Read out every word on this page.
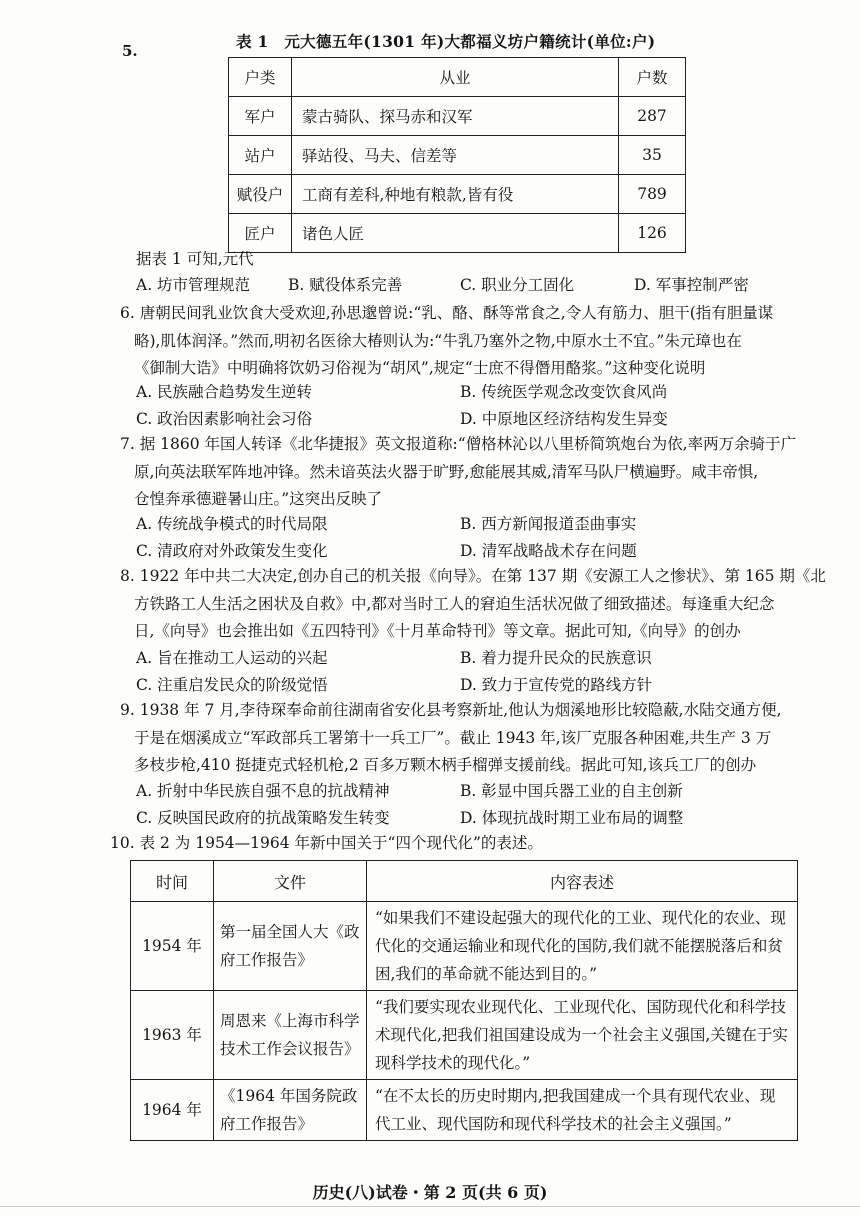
5.	表 1　元大德五年(1301 年)大都福义坊户籍统计(单位:户)
户类	从业	户数
军户	蒙古骑队、探马赤和汉军	287
站户	驿站役、马夫、信差等	35
赋役户	工商有差科,种地有粮款,皆有役	789
匠户	诸色人匠	126
据表 1 可知,元代
A. 坊市管理规范 B. 赋役体系完善	C. 职业分工固化	D. 军事控制严密
6. 唐朝民间乳业饮食大受欢迎,孙思邈曾说:“乳、酪、酥等常食之,令人有筋力、胆干(指有胆量谋
略),肌体润泽。”然而,明初名医徐大椿则认为:“牛乳乃塞外之物,中原水土不宜。”朱元璋也在
《御制大诰》中明确将饮奶习俗视为“胡风”,规定“士庶不得僭用酪浆。”这种变化说明
A. 民族融合趋势发生逆转	B. 传统医学观念改变饮食风尚
C. 政治因素影响社会习俗	D. 中原地区经济结构发生异变
7. 据 1860 年国人转译《北华捷报》英文报道称:“僧格林沁以八里桥简筑炮台为依,率两万余骑于广
原,向英法联军阵地冲锋。然未谙英法火器于旷野,愈能展其威,清军马队尸横遍野。咸丰帝惧,
仓惶奔承德避暑山庄。”这突出反映了
A. 传统战争模式的时代局限	B. 西方新闻报道歪曲事实
C. 清政府对外政策发生变化	D. 清军战略战术存在问题
8. 1922 年中共二大决定,创办自己的机关报《向导》。在第 137 期《安源工人之惨状》、第 165 期《北
方铁路工人生活之困状及自救》中,都对当时工人的窘迫生活状况做了细致描述。每逢重大纪念
日,《向导》也会推出如《五四特刊》《十月革命特刊》等文章。据此可知,《向导》的创办
A. 旨在推动工人运动的兴起	B. 着力提升民众的民族意识
C. 注重启发民众的阶级觉悟	D. 致力于宣传党的路线方针
9. 1938 年 7 月,李待琛奉命前往湖南省安化县考察新址,他认为烟溪地形比较隐蔽,水陆交通方便,
于是在烟溪成立“军政部兵工署第十一兵工厂”。截止 1943 年,该厂克服各种困难,共生产 3 万
多枝步枪,410 挺捷克式轻机枪,2 百多万颗木柄手榴弹支援前线。据此可知,该兵工厂的创办
A. 折射中华民族自强不息的抗战精神	B. 彰显中国兵器工业的自主创新
C. 反映国民政府的抗战策略发生转变	D. 体现抗战时期工业布局的调整
10. 表 2 为 1954—1964 年新中国关于“四个现代化”的表述。
时间	文件	内容表述
1954 年	第一届全国人大《政府工作报告》	“如果我们不建设起强大的现代化的工业、现代化的农业、现代化的交通运输业和现代化的国防,我们就不能摆脱落后和贫困,我们的革命就不能达到目的。”
1963 年	周恩来《上海市科学技术工作会议报告》	“我们要实现农业现代化、工业现代化、国防现代化和科学技术现代化,把我们祖国建设成为一个社会主义强国,关键在于实现科学技术的现代化。”
1964 年	《1964 年国务院政府工作报告》	“在不太长的历史时期内,把我国建成一个具有现代农业、现代工业、现代国防和现代科学技术的社会主义强国。”
历史(八)试卷・第 2 页(共 6 页)
